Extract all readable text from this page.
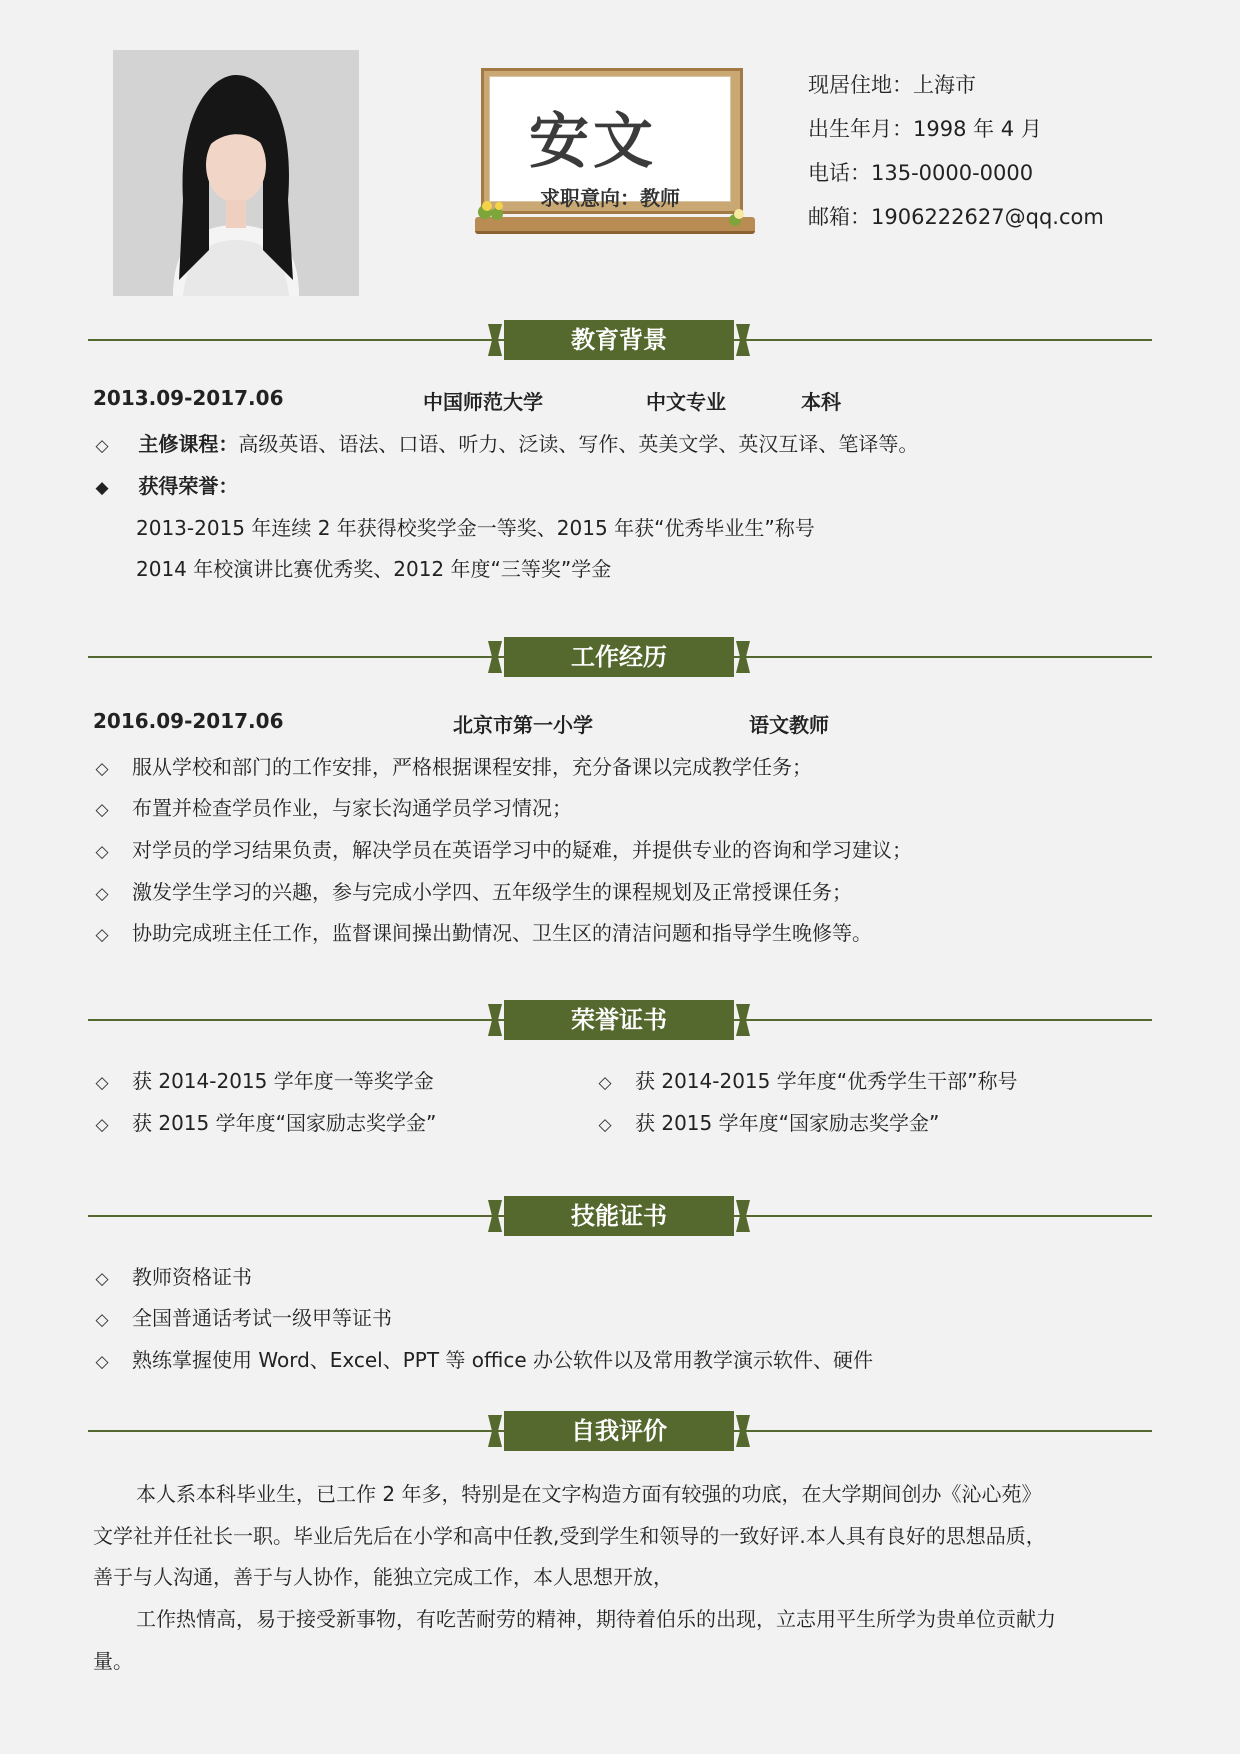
安文
求职意向：教师
现居住地：上海市
出生年月：1998 年 4 月
电话：135-0000-0000
邮箱：1906222627@qq.com
教育背景
2013.09-2017.06	中国师范大学	中文专业	本科
◇ 主修课程：高级英语、语法、口语、听力、泛读、写作、英美文学、英汉互译、笔译等。
◆ 获得荣誉：
2013-2015 年连续 2 年获得校奖学金一等奖、2015 年获“优秀毕业生”称号
2014 年校演讲比赛优秀奖、2012 年度“三等奖”学金
工作经历
2016.09-2017.06	北京市第一小学	语文教师
◇ 服从学校和部门的工作安排，严格根据课程安排，充分备课以完成教学任务；
◇ 布置并检查学员作业，与家长沟通学员学习情况；
◇ 对学员的学习结果负责，解决学员在英语学习中的疑难，并提供专业的咨询和学习建议；
◇ 激发学生学习的兴趣，参与完成小学四、五年级学生的课程规划及正常授课任务；
◇ 协助完成班主任工作，监督课间操出勤情况、卫生区的清洁问题和指导学生晚修等。
荣誉证书
◇ 获 2014-2015 学年度一等奖学金	◇ 获 2014-2015 学年度“优秀学生干部”称号
◇ 获 2015 学年度“国家励志奖学金”	◇ 获 2015 学年度“国家励志奖学金”
技能证书
◇ 教师资格证书
◇ 全国普通话考试一级甲等证书
◇ 熟练掌握使用 Word、Excel、PPT 等 office 办公软件以及常用教学演示软件、硬件
自我评价
本人系本科毕业生，已工作 2 年多，特别是在文字构造方面有较强的功底，在大学期间创办《沁心苑》
文学社并任社长一职。毕业后先后在小学和高中任教,受到学生和领导的一致好评.本人具有良好的思想品质，
善于与人沟通，善于与人协作，能独立完成工作，本人思想开放，
工作热情高，易于接受新事物，有吃苦耐劳的精神，期待着伯乐的出现，立志用平生所学为贵单位贡献力
量。
